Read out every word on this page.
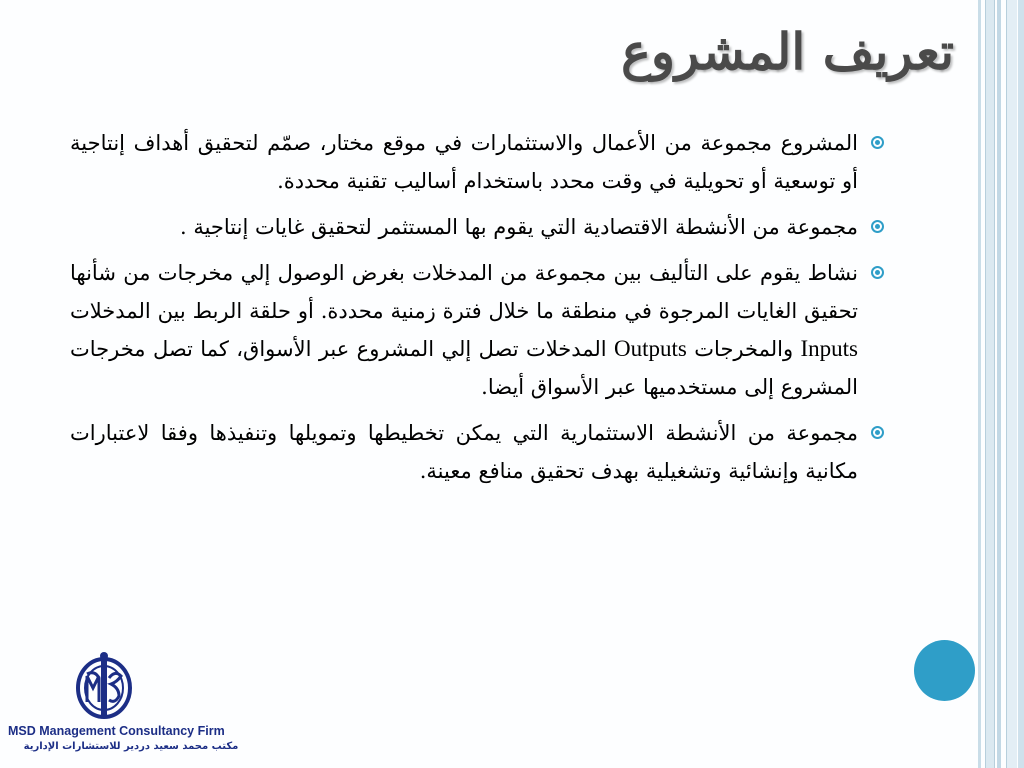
تعريف المشروع
المشروع مجموعة من الأعمال والاستثمارات في موقع مختار، صمّم لتحقيق أهداف إنتاجية أو توسعية أو تحويلية في وقت محدد باستخدام أساليب تقنية محددة.
مجموعة من الأنشطة الاقتصادية التي يقوم بها المستثمر لتحقيق غايات إنتاجية .
نشاط يقوم على التأليف بين مجموعة من المدخلات بغرض الوصول إلي مخرجات من شأنها تحقيق الغايات المرجوة في منطقة ما خلال فترة زمنية محددة. أو حلقة الربط بين المدخلات Inputs والمخرجات Outputs المدخلات تصل إلي المشروع عبر الأسواق، كما تصل مخرجات المشروع إلى مستخدميها عبر الأسواق أيضا.
مجموعة من الأنشطة الاستثمارية التي يمكن تخطيطها وتمويلها وتنفيذها وفقا لاعتبارات مكانية وإنشائية وتشغيلية بهدف تحقيق منافع معينة.
MSD Management Consultancy Firm
مكتب محمد سعيد دردير للاستشارات الإدارية
